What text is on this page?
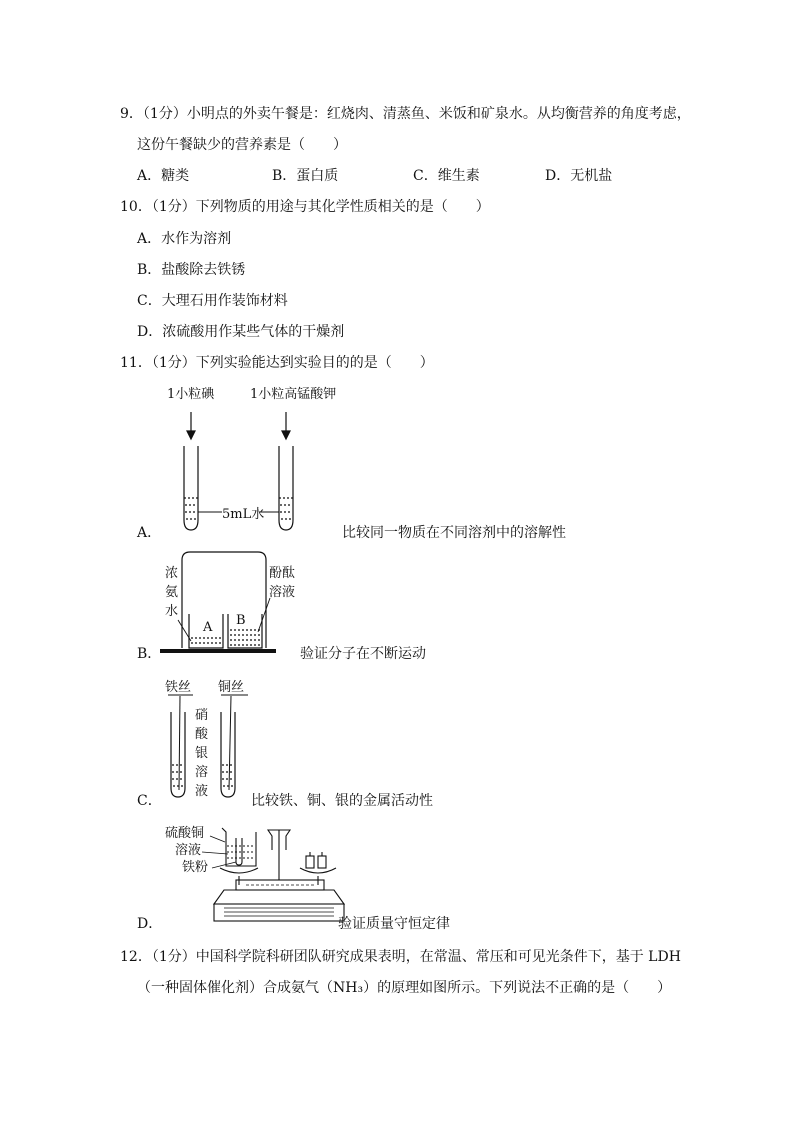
9．（1分）小明点的外卖午餐是：红烧肉、清蒸鱼、米饭和矿泉水。从均衡营养的角度考虑，
这份午餐缺少的营养素是（　　）
A．糖类	B．蛋白质	C．维生素	D．无机盐
10．（1分）下列物质的用途与其化学性质相关的是（　　）
A．水作为溶剂
B．盐酸除去铁锈
C．大理石用作装饰材料
D．浓硫酸用作某些气体的干燥剂
11．（1分）下列实验能达到实验目的的是（　　）
1小粒碘	1小粒高锰酸钾
5mL水
A．	比较同一物质在不同溶剂中的溶解性
A B
浓
氨
水
酚酞
溶液
B．	验证分子在不断运动
铁丝 铜丝
硝
酸
银
溶
液
C．	比较铁、铜、银的金属活动性
硫酸铜
溶液
铁粉
D．	验证质量守恒定律
12．（1分）中国科学院科研团队研究成果表明，在常温、常压和可见光条件下，基于 LDH
（一种固体催化剂）合成氨气（NH₃）的原理如图所示。下列说法不正确的是（　　）
